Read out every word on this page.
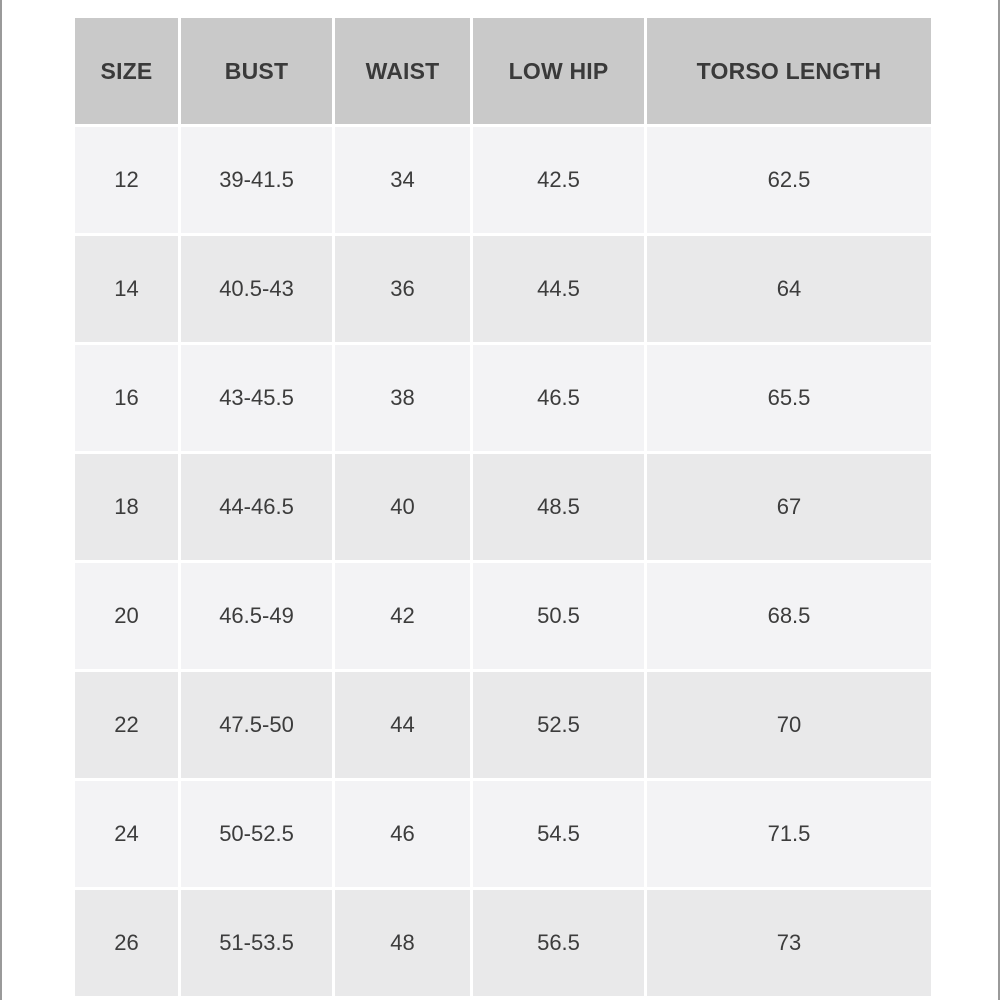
SIZE	BUST	WAIST	LOW HIP	TORSO LENGTH
12	39-41.5	34	42.5	62.5
14	40.5-43	36	44.5	64
16	43-45.5	38	46.5	65.5
18	44-46.5	40	48.5	67
20	46.5-49	42	50.5	68.5
22	47.5-50	44	52.5	70
24	50-52.5	46	54.5	71.5
26	51-53.5	48	56.5	73
